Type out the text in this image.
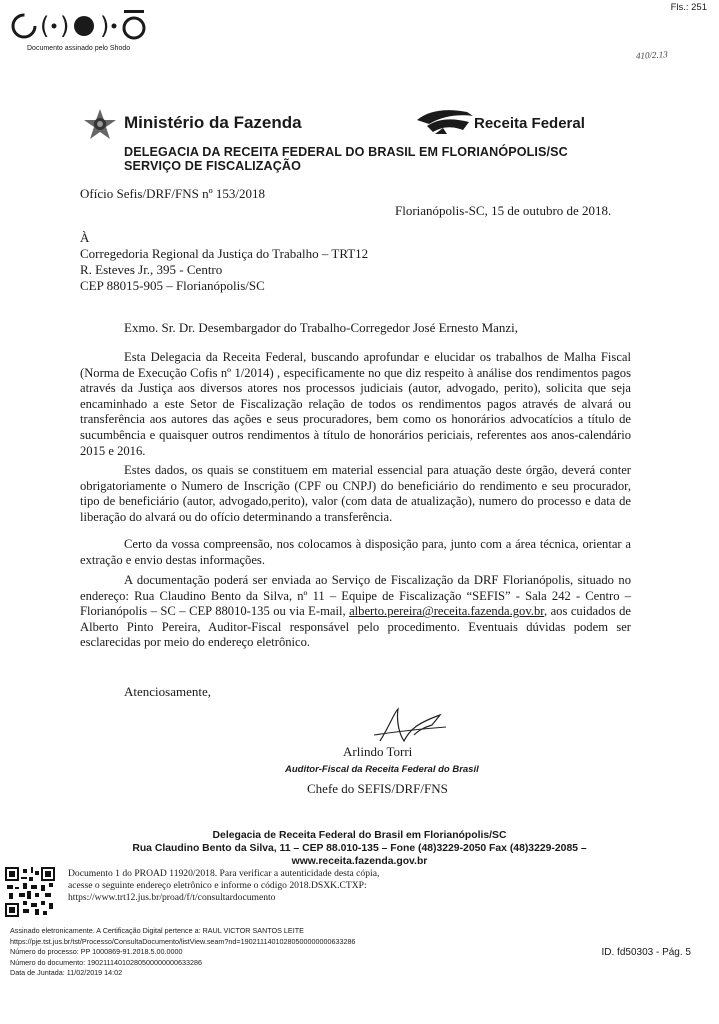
( ) )
Documento assinado pelo Shodo
Fls.: 251
410/2.13
Ministério da Fazenda	Receita Federal
DELEGACIA DA RECEITA FEDERAL DO BRASIL EM FLORIANÓPOLIS/SC
SERVIÇO DE FISCALIZAÇÃO
Ofício Sefis/DRF/FNS nº 153/2018
Florianópolis-SC, 15 de outubro de 2018.
À
Corregedoria Regional da Justiça do Trabalho – TRT12
R. Esteves Jr., 395 - Centro
CEP 88015-905 – Florianópolis/SC
Exmo. Sr. Dr. Desembargador do Trabalho-Corregedor José Ernesto Manzi,
Esta Delegacia da Receita Federal, buscando aprofundar e elucidar os trabalhos de Malha Fiscal (Norma de Execução Cofis nº 1/2014) , especificamente no que diz respeito à análise dos rendimentos pagos através da Justiça aos diversos atores nos processos judiciais (autor, advogado, perito), solicita que seja encaminhado a este Setor de Fiscalização relação de todos os rendimentos pagos através de alvará ou transferência aos autores das ações e seus procuradores, bem como os honorários advocatícios a título de sucumbência e quaisquer outros rendimentos à título de honorários periciais, referentes aos anos-calendário 2015 e 2016.
Estes dados, os quais se constituem em material essencial para atuação deste órgão, deverá conter obrigatoriamente o Numero de Inscrição (CPF ou CNPJ) do beneficiário do rendimento e seu procurador, tipo de beneficiário (autor, advogado,perito), valor (com data de atualização), numero do processo e data de liberação do alvará ou do ofício determinando a transferência.
Certo da vossa compreensão, nos colocamos à disposição para, junto com a área técnica, orientar a extração e envio destas informações.
A documentação poderá ser enviada ao Serviço de Fiscalização da DRF Florianópolis, situado no endereço: Rua Claudino Bento da Silva, nº 11 – Equipe de Fiscalização “SEFIS” - Sala 242 - Centro – Florianópolis – SC – CEP 88010-135 ou via E-mail, alberto.pereira@receita.fazenda.gov.br, aos cuidados de Alberto Pinto Pereira, Auditor-Fiscal responsável pelo procedimento. Eventuais dúvidas podem ser esclarecidas por meio do endereço eletrônico.
Atenciosamente,
Arlindo Torri
Auditor-Fiscal da Receita Federal do Brasil
Chefe do SEFIS/DRF/FNS
Delegacia de Receita Federal do Brasil em Florianópolis/SC
Rua Claudino Bento da Silva, 11 – CEP 88.010-135 – Fone (48)3229-2050 Fax (48)3229-2085 –
www.receita.fazenda.gov.br
Documento 1 do PROAD 11920/2018. Para verificar a autenticidade desta cópia,
acesse o seguinte endereço eletrônico e informe o código 2018.DSXK.CTXP:
https://www.trt12.jus.br/proad/f/t/consultardocumento
Assinado eletronicamente. A Certificação Digital pertence a: RAUL VICTOR SANTOS LEITE
https://pje.tst.jus.br/tst/Processo/ConsultaDocumento/listView.seam?nd=19021114010280500000000633286
Número do processo: PP 1000869-91.2018.5.00.0000
Número do documento: 19021114010280500000000633286
Data de Juntada: 11/02/2019 14:02
ID. fd50303 - Pág. 5
